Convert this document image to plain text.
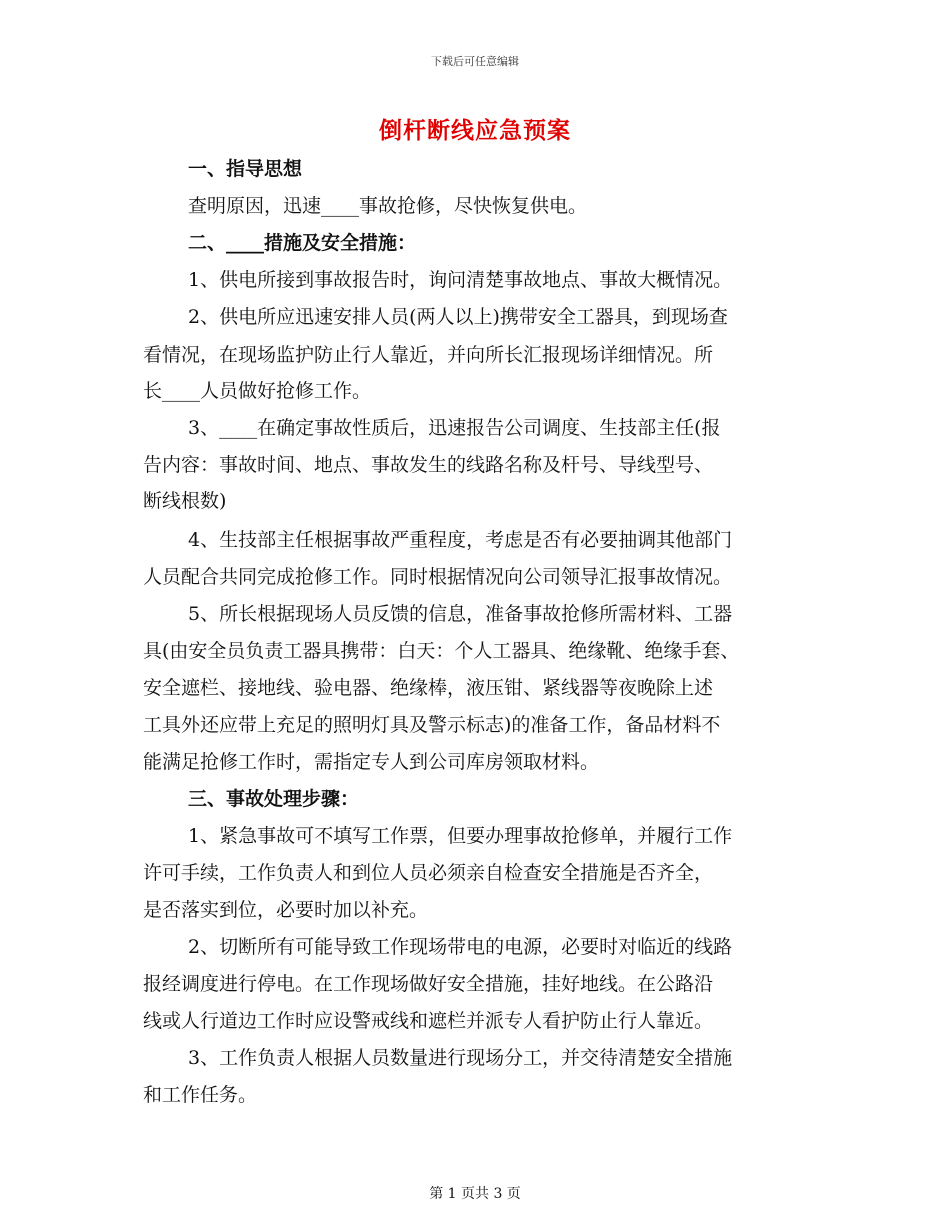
下载后可任意编辑
倒杆断线应急预案
一、指导思想
查明原因，迅速____事故抢修，尽快恢复供电。
二、____措施及安全措施：
1、供电所接到事故报告时，询问清楚事故地点、事故大概情况。
2、供电所应迅速安排人员(两人以上)携带安全工器具，到现场查
看情况，在现场监护防止行人靠近，并向所长汇报现场详细情况。所
长____人员做好抢修工作。
3、____在确定事故性质后，迅速报告公司调度、生技部主任(报
告内容：事故时间、地点、事故发生的线路名称及杆号、导线型号、
断线根数)
4、生技部主任根据事故严重程度，考虑是否有必要抽调其他部门
人员配合共同完成抢修工作。同时根据情况向公司领导汇报事故情况。
5、所长根据现场人员反馈的信息，准备事故抢修所需材料、工器
具(由安全员负责工器具携带：白天：个人工器具、绝缘靴、绝缘手套、
安全遮栏、接地线、验电器、绝缘棒，液压钳、紧线器等夜晚除上述
工具外还应带上充足的照明灯具及警示标志)的准备工作，备品材料不
能满足抢修工作时，需指定专人到公司库房领取材料。
三、事故处理步骤：
1、紧急事故可不填写工作票，但要办理事故抢修单，并履行工作
许可手续，工作负责人和到位人员必须亲自检查安全措施是否齐全，
是否落实到位，必要时加以补充。
2、切断所有可能导致工作现场带电的电源，必要时对临近的线路
报经调度进行停电。在工作现场做好安全措施，挂好地线。在公路沿
线或人行道边工作时应设警戒线和遮栏并派专人看护防止行人靠近。
3、工作负责人根据人员数量进行现场分工，并交待清楚安全措施
和工作任务。
第 1 页共 3 页
